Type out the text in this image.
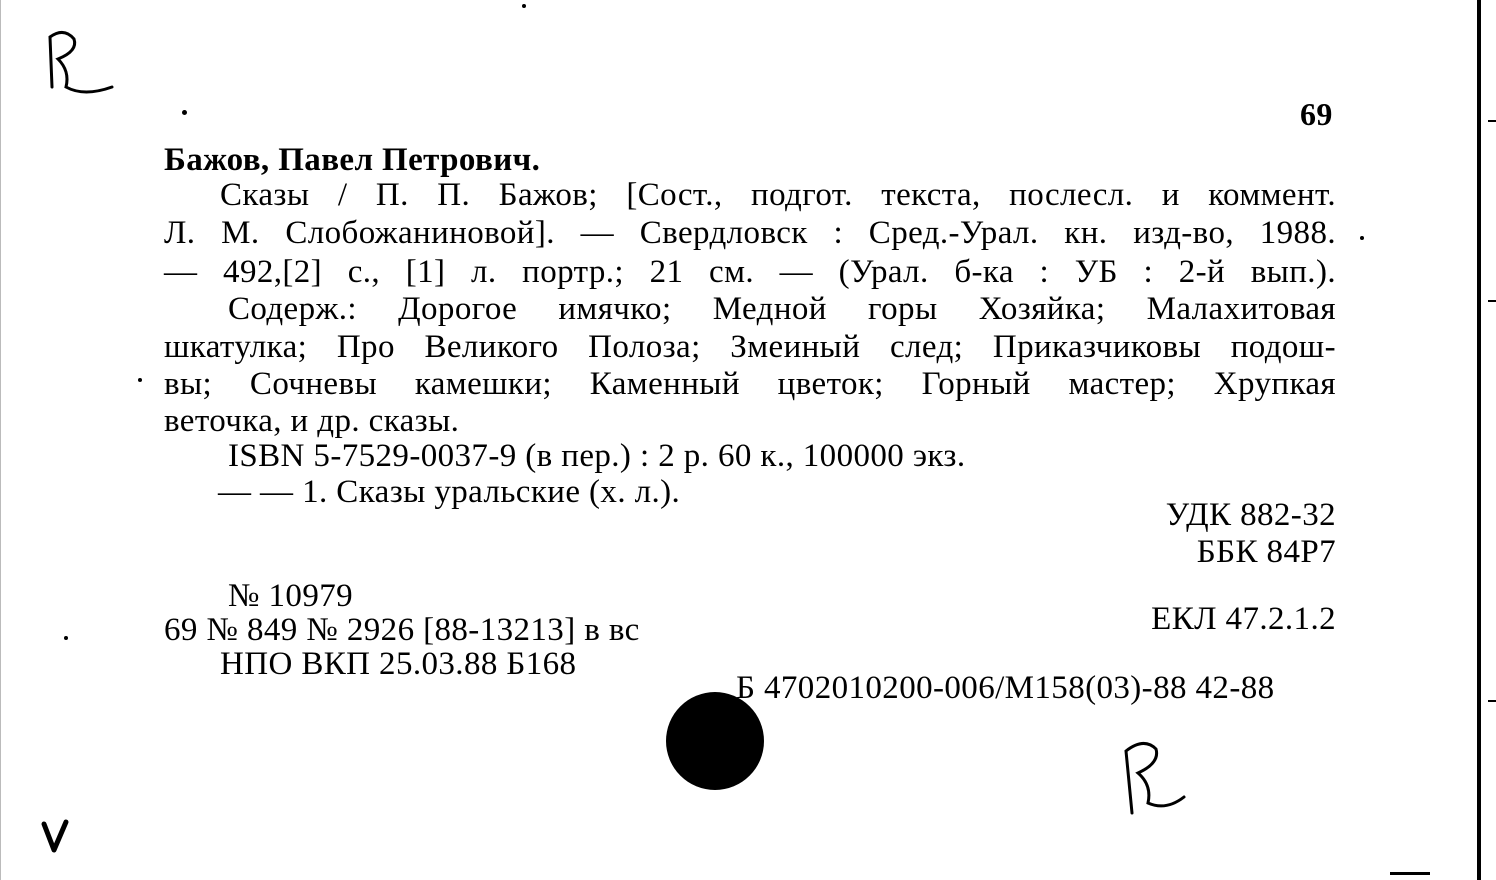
69
Бажов, Павел Петрович.
Сказы / П. П. Бажов; [Сост., подгот. текста, послесл. и коммент.
Л. М. Слобожаниновой]. — Свердловск : Сред.-Урал. кн. изд-во, 1988.
— 492,[2] с., [1] л. портр.; 21 см. — (Урал. б-ка : УБ : 2-й вып.).
Содерж.: Дорогое имячко; Медной горы Хозяйка; Малахитовая
шкатулка; Про Великого Полоза; Змеиный след; Приказчиковы подош-
вы; Сочневы камешки; Каменный цветок; Горный мастер; Хрупкая
веточка, и др. сказы.
ISBN 5-7529-0037-9 (в пер.) : 2 р. 60 к., 100000 экз.
— — 1. Сказы уральские (х. л.).
УДК 882-32
ББК 84Р7
№ 10979
69 № 849 № 2926 [88-13213] в вс
НПО ВКП 25.03.88 Б168
ЕКЛ 47.2.1.2
Б 4702010200-006/М158(03)-88 42-88
